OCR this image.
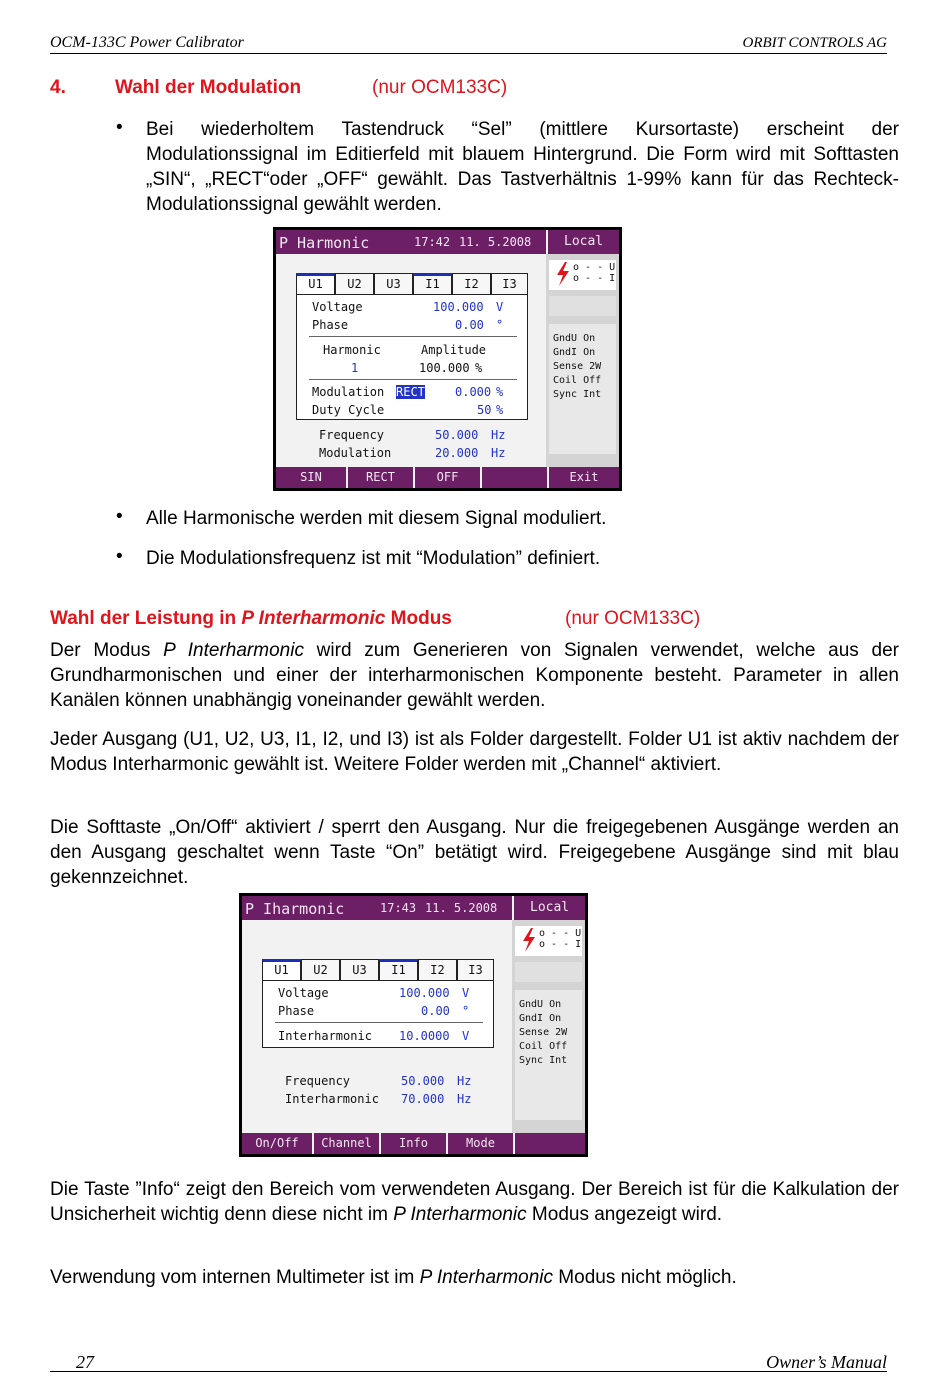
OCM-133C Power Calibrator	ORBIT CONTROLS AG
4.	Wahl der Modulation	(nur OCM133C)
• Bei wiederholtem Tastendruck “Sel” (mittlere Kursortaste) erscheint der Modulationssignal im Editierfeld mit blauem Hintergrund. Die Form wird mit Softtasten „SIN“, „RECT“oder „OFF“ gewählt. Das Tastverhältnis 1-99% kann für das Rechteck- Modulationssignal gewählt werden.
P Harmonic	17:42 11. 5.2008	Local
o - - U
o - - I
GndU On
GndI On
Sense 2W
Coil Off
Sync Int
U1	U2	U3	I1	I2	I3
Voltage	100.000 V
Phase	0.00 °
Harmonic	Amplitude
1	100.000 %
Modulation RECT	0.000 %
Duty Cycle	50 %
Frequency	50.000 Hz
Modulation	20.000 Hz
SIN	RECT	OFF	Exit
• Alle Harmonische werden mit diesem Signal moduliert.
• Die Modulationsfrequenz ist mit “Modulation” definiert.
Wahl der Leistung in P Interharmonic Modus	(nur OCM133C)
Der Modus P Interharmonic wird zum Generieren von Signalen verwendet, welche aus der Grundharmonischen und einer der interharmonischen Komponente besteht. Parameter in allen Kanälen können unabhängig voneinander gewählt werden.
Jeder Ausgang (U1, U2, U3, I1, I2, und I3) ist als Folder dargestellt. Folder U1 ist aktiv nachdem der Modus Interharmonic gewählt ist. Weitere Folder werden mit „Channel“ aktiviert.
Die Softtaste „On/Off“ aktiviert / sperrt den Ausgang. Nur die freigegebenen Ausgänge werden an den Ausgang geschaltet wenn Taste “On” betätigt wird. Freigegebene Ausgänge sind mit blau gekennzeichnet.
P Iharmonic	17:43 11. 5.2008	Local
o - - U
o - - I
GndU On
GndI On
Sense 2W
Coil Off
Sync Int
U1	U2	U3	I1	I2	I3
Voltage	100.000 V
Phase	0.00 °
Interharmonic 10.0000 V
Frequency	50.000 Hz
Interharmonic 70.000 Hz
On/Off	Channel	Info	Mode
Die Taste ”Info“ zeigt den Bereich vom verwendeten Ausgang. Der Bereich ist für die Kalkulation der Unsicherheit wichtig denn diese nicht im P Interharmonic Modus angezeigt wird.
Verwendung vom internen Multimeter ist im P Interharmonic Modus nicht möglich.
27	Owner’s Manual
